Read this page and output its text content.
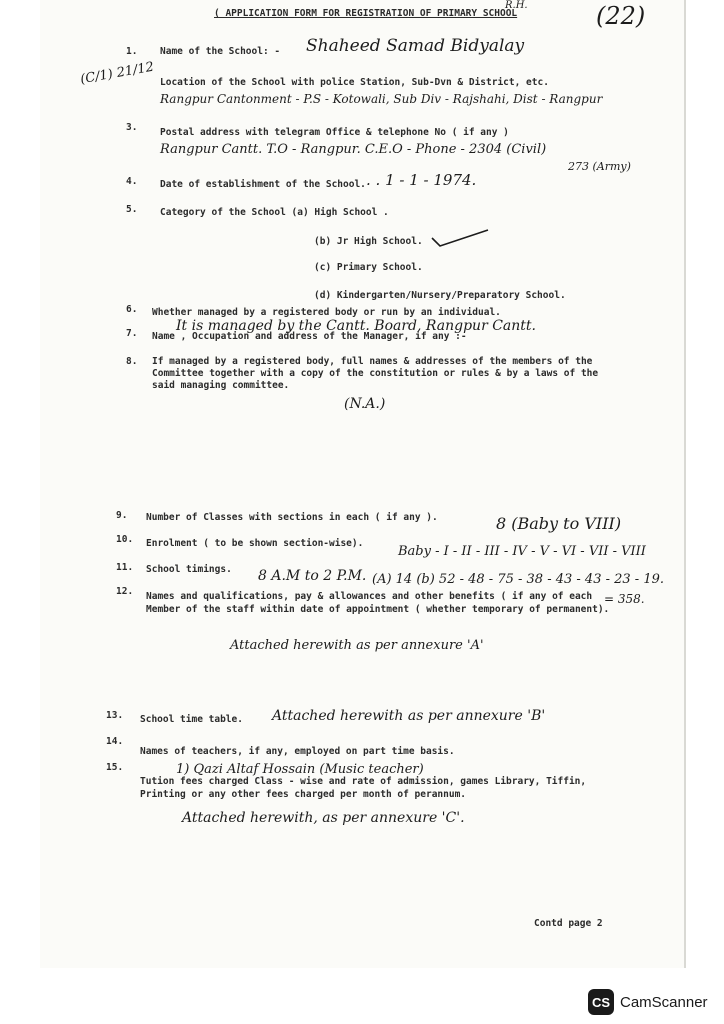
( APPLICATION FORM FOR REGISTRATION OF PRIMARY SCHOOL	(22)
R.H.
(C/1) 21/12
1. Name of the School: - Shaheed Samad Bidyalay
Location of the School with police Station, Sub-Dvn & District, etc.
Rangpur Cantonment - P.S - Kotowali, Sub Div - Rajshahi, Dist - Rangpur
3. Postal address with telegram Office & telephone No ( if any )
Rangpur Cantt. T.O - Rangpur. C.E.O - Phone - 2304 (Civil)
273 (Army)
4. Date of establishment of the School. . . 1 - 1 - 1974.
5. Category of the School (a) High School .
(b) Jr High School.
(c) Primary School.
(d) Kindergarten/Nursery/Preparatory School.
6. Whether managed by a registered body or run by an individual.
It is managed by the Cantt. Board, Rangpur Cantt.
7. Name , Occupation and address of the Manager, if any :-
8. If managed by a registered body, full names & addresses of the members of the
Committee together with a copy of the constitution or rules & by a laws of the
said managing committee.
(N.A.)
9. Number of Classes with sections in each ( if any ).	8 (Baby to VIII)
10. Enrolment ( to be shown section-wise).
Baby - I - II - III - IV - V - VI - VII - VIII
11. School timings. 8 A.M to 2 P.M. (A) 14 (b) 52 - 48 - 75 - 38 - 43 - 43 - 23 - 19.
= 358.
12. Names and qualifications, pay & allowances and other benefits ( if any of each
Member of the staff within date of appointment ( whether temporary of permanent).
Attached herewith as per annexure 'A'
13. School time table. Attached herewith as per annexure 'B'
14.
Names of teachers, if any, employed on part time basis.
1) Qazi Altaf Hossain (Music teacher)
15.
Tution fees charged Class - wise and rate of admission, games Library, Tiffin,
Printing or any other fees charged per month of perannum.
Attached herewith, as per annexure 'C'.
Contd page 2
CS CamScanner
